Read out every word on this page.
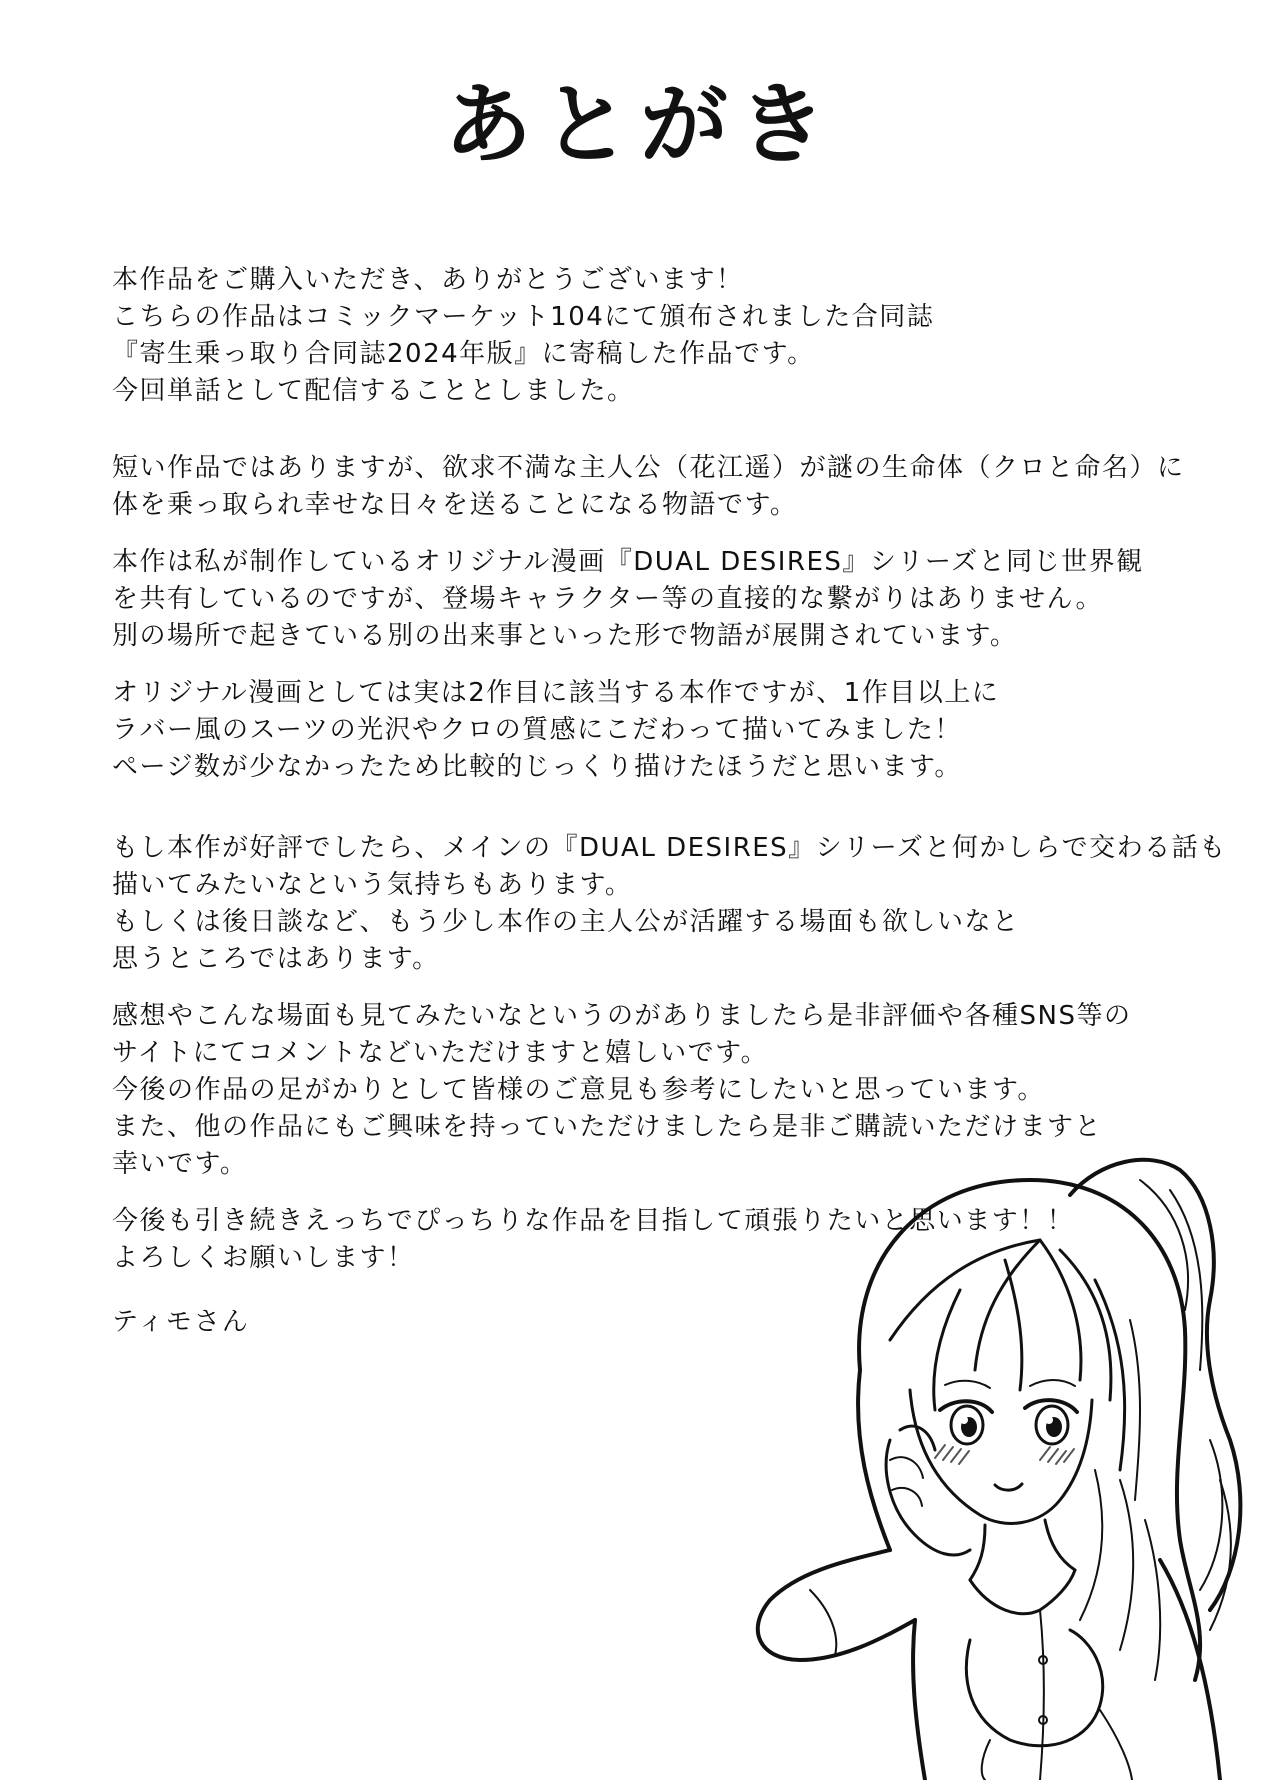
あとがき
本作品をご購入いただき、ありがとうございます！
こちらの作品はコミックマーケット104にて頒布されました合同誌
『寄生乗っ取り合同誌2024年版』に寄稿した作品です。
今回単話として配信することとしました。
短い作品ではありますが、欲求不満な主人公（花江遥）が謎の生命体（クロと命名）に
体を乗っ取られ幸せな日々を送ることになる物語です。
本作は私が制作しているオリジナル漫画『DUAL DESIRES』シリーズと同じ世界観
を共有しているのですが、登場キャラクター等の直接的な繋がりはありません。
別の場所で起きている別の出来事といった形で物語が展開されています。
オリジナル漫画としては実は2作目に該当する本作ですが、1作目以上に
ラバー風のスーツの光沢やクロの質感にこだわって描いてみました！
ページ数が少なかったため比較的じっくり描けたほうだと思います。
もし本作が好評でしたら、メインの『DUAL DESIRES』シリーズと何かしらで交わる話も
描いてみたいなという気持ちもあります。
もしくは後日談など、もう少し本作の主人公が活躍する場面も欲しいなと
思うところではあります。
感想やこんな場面も見てみたいなというのがありましたら是非評価や各種SNS等の
サイトにてコメントなどいただけますと嬉しいです。
今後の作品の足がかりとして皆様のご意見も参考にしたいと思っています。
また、他の作品にもご興味を持っていただけましたら是非ご購読いただけますと
幸いです。
今後も引き続きえっちでぴっちりな作品を目指して頑張りたいと思います！！
よろしくお願いします！
ティモさん
